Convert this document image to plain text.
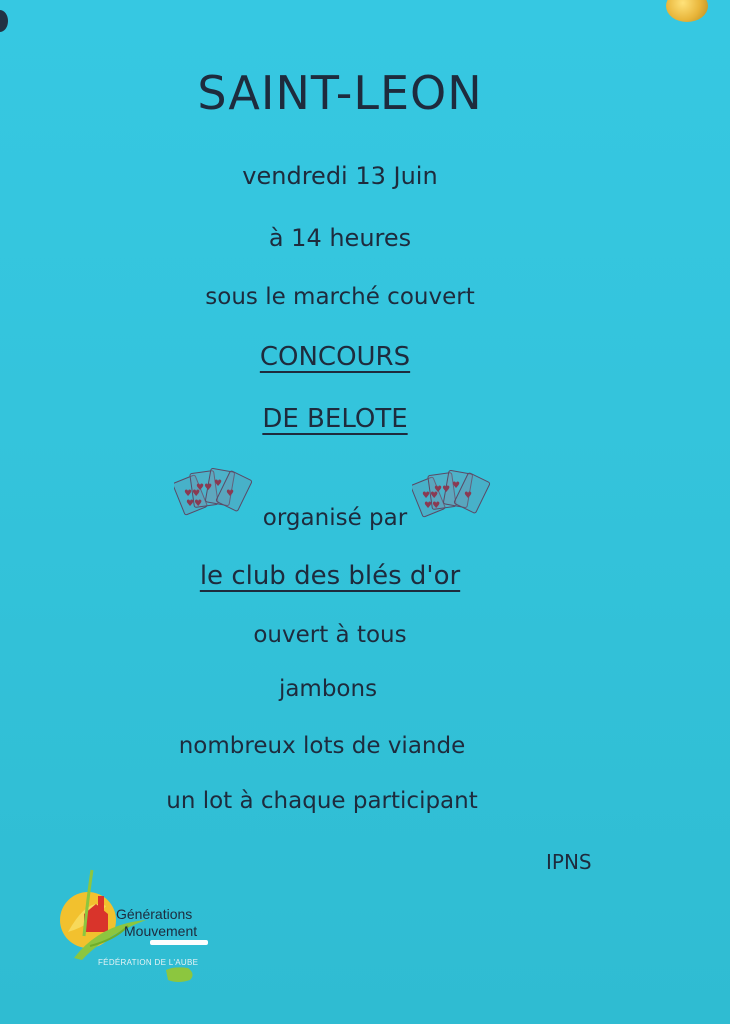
SAINT-LEON
vendredi 13 Juin
à 14 heures
sous le marché couvert
CONCOURS
DE BELOTE
♥♥
♥♥
♥♥ ♥
♥	♥♥
♥♥
♥♥ ♥
♥
organisé par
le club des blés d'or
ouvert à tous
jambons
nombreux lots de viande
un lot à chaque participant
IPNS
Générations
Mouvement
FÉDÉRATION DE L'AUBE
